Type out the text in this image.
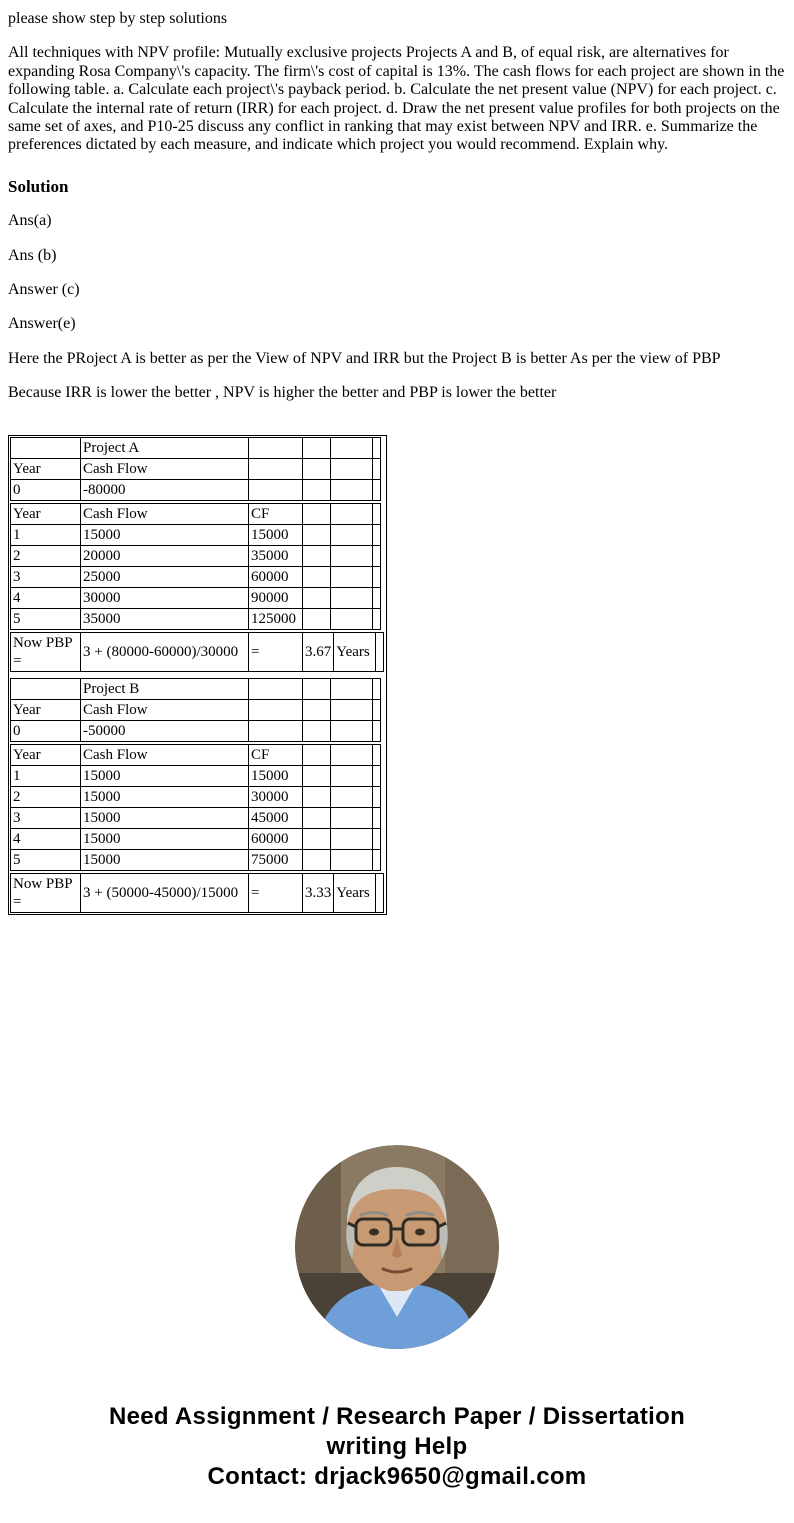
please show step by step solutions

All techniques with NPV profile: Mutually exclusive projects Projects A and B, of equal risk, are alternatives for expanding Rosa Company\'s capacity. The firm\'s cost of capital is 13%. The cash flows for each project are shown in the following table. a. Calculate each project\'s payback period. b. Calculate the net present value (NPV) for each project. c. Calculate the internal rate of return (IRR) for each project. d. Draw the net present value profiles for both projects on the same set of axes, and P10-25 discuss any conflict in ranking that may exist between NPV and IRR. e. Summarize the preferences dictated by each measure, and indicate which project you would recommend. Explain why.

Solution

Ans(a)

Ans (b)

Answer (c)

Answer(e)

Here the PRoject A is better as per the View of NPV and IRR but the Project B is better As per the view of PBP

Because IRR is lower the better , NPV is higher the better and PBP is lower the better

	Project A				
Year	Cash Flow				
0	-80000				
Year	Cash Flow	CF			
1	15000	15000			
2	20000	35000			
3	25000	60000			
4	30000	90000			
5	35000	125000			
Now PBP =	3 + (80000-60000)/30000	=	3.67	Years	
	Project B				
Year	Cash Flow				
0	-50000				
Year	Cash Flow	CF			
1	15000	15000			
2	15000	30000			
3	15000	45000			
4	15000	60000			
5	15000	75000			
Now PBP =	3 + (50000-45000)/15000	=	3.33	Years	
Need Assignment / Research Paper / Dissertation
writing Help
Contact: drjack9650@gmail.com
